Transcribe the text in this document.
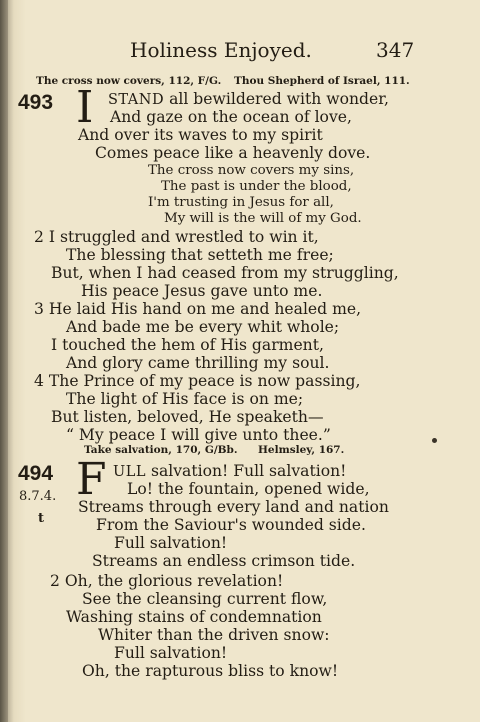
Holiness Enjoyed.	347
The cross now covers, 112, F/G. Thou Shepherd of Israel, 111.
493 I STAND all bewildered with wonder,
And gaze on the ocean of love,
And over its waves to my spirit
Comes peace like a heavenly dove.
The cross now covers my sins,
The past is under the blood,
I'm trusting in Jesus for all,
My will is the will of my God.
2 I struggled and wrestled to win it,
The blessing that setteth me free;
But, when I had ceased from my struggling,
His peace Jesus gave unto me.
3 He laid His hand on me and healed me,
And bade me be every whit whole;
I touched the hem of His garment,
And glory came thrilling my soul.
4 The Prince of my peace is now passing,
The light of His face is on me;
But listen, beloved, He speaketh—
“ My peace I will give unto thee.”
Take salvation, 170, G/Bb. Helmsley, 167.
494
8.7.4.
t
F ULL salvation! Full salvation!
Lo! the fountain, opened wide,
Streams through every land and nation
From the Saviour's wounded side.
Full salvation!
Streams an endless crimson tide.
2 Oh, the glorious revelation!
See the cleansing current flow,
Washing stains of condemnation
Whiter than the driven snow:
Full salvation!
Oh, the rapturous bliss to know!
